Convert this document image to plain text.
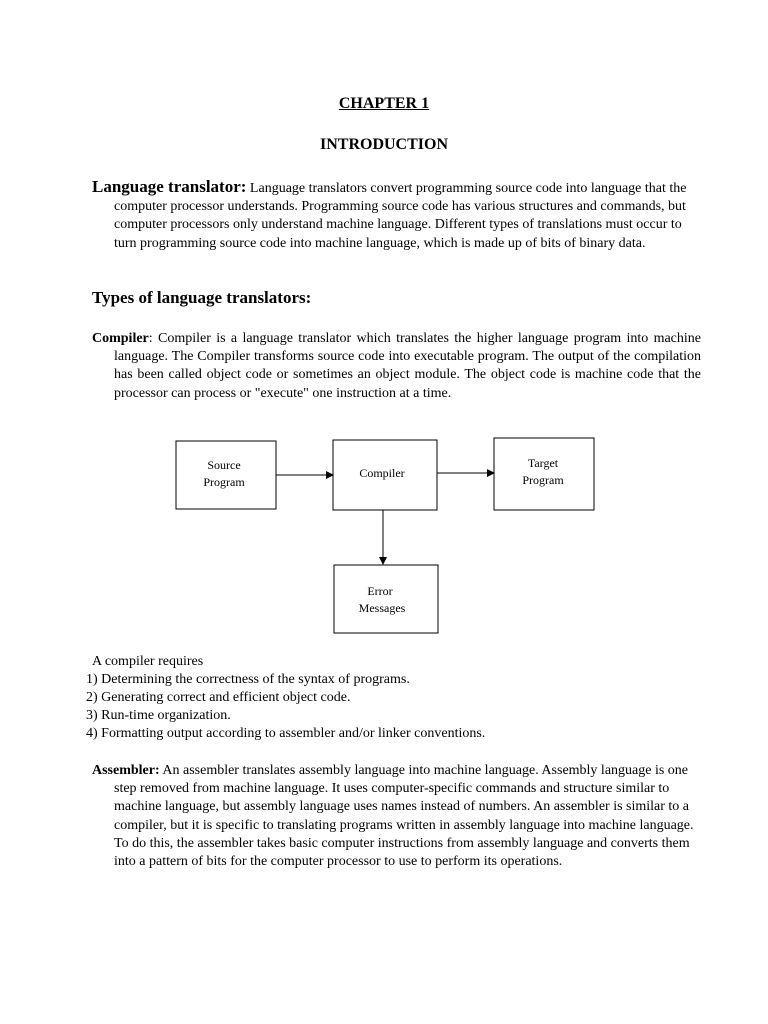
CHAPTER 1
INTRODUCTION

Language translator: Language translators convert programming source code into language that the computer processor understands. Programming source code has various structures and commands, but computer processors only understand machine language. Different types of translations must occur to turn programming source code into machine language, which is made up of bits of binary data.

Types of language translators:

Compiler: Compiler is a language translator which translates the higher language program into machine language. The Compiler transforms source code into executable program. The output of the compilation has been called object code or sometimes an object module. The object code is machine code that the processor can process or "execute" one instruction at a time.

Source
Program
Compiler
Target
Program
Error
Messages
A compiler requires
1) Determining the correctness of the syntax of programs.
2) Generating correct and efficient object code.
3) Run-time organization.
4) Formatting output according to assembler and/or linker conventions.

Assembler: An assembler translates assembly language into machine language. Assembly language is one step removed from machine language. It uses computer-specific commands and structure similar to machine language, but assembly language uses names instead of numbers. An assembler is similar to a compiler, but it is specific to translating programs written in assembly language into machine language. To do this, the assembler takes basic computer instructions from assembly language and converts them into a pattern of bits for the computer processor to use to perform its operations.
